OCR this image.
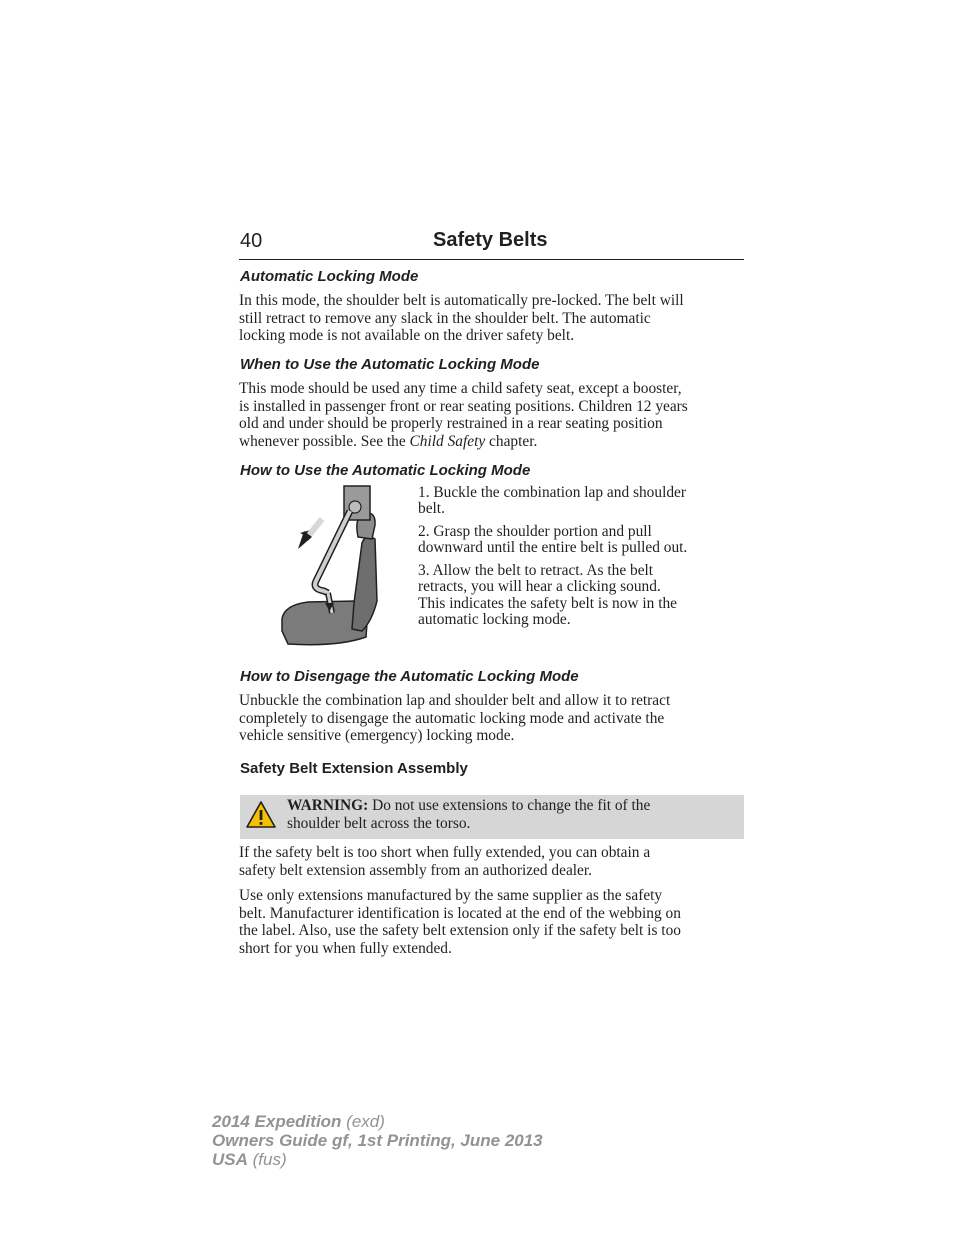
40	Safety Belts
Automatic Locking Mode
In this mode, the shoulder belt is automatically pre-locked. The belt will
still retract to remove any slack in the shoulder belt. The automatic
locking mode is not available on the driver safety belt.
When to Use the Automatic Locking Mode
This mode should be used any time a child safety seat, except a booster,
is installed in passenger front or rear seating positions. Children 12 years
old and under should be properly restrained in a rear seating position
whenever possible. See the Child Safety chapter.
How to Use the Automatic Locking Mode
1. Buckle the combination lap and shoulder
belt.
2. Grasp the shoulder portion and pull
downward until the entire belt is pulled out.
3. Allow the belt to retract. As the belt
retracts, you will hear a clicking sound.
This indicates the safety belt is now in the
automatic locking mode.
How to Disengage the Automatic Locking Mode
Unbuckle the combination lap and shoulder belt and allow it to retract
completely to disengage the automatic locking mode and activate the
vehicle sensitive (emergency) locking mode.
Safety Belt Extension Assembly
WARNING: Do not use extensions to change the fit of the
shoulder belt across the torso.
If the safety belt is too short when fully extended, you can obtain a
safety belt extension assembly from an authorized dealer.
Use only extensions manufactured by the same supplier as the safety
belt. Manufacturer identification is located at the end of the webbing on
the label. Also, use the safety belt extension only if the safety belt is too
short for you when fully extended.
2014 Expedition (exd)
Owners Guide gf, 1st Printing, June 2013
USA (fus)
